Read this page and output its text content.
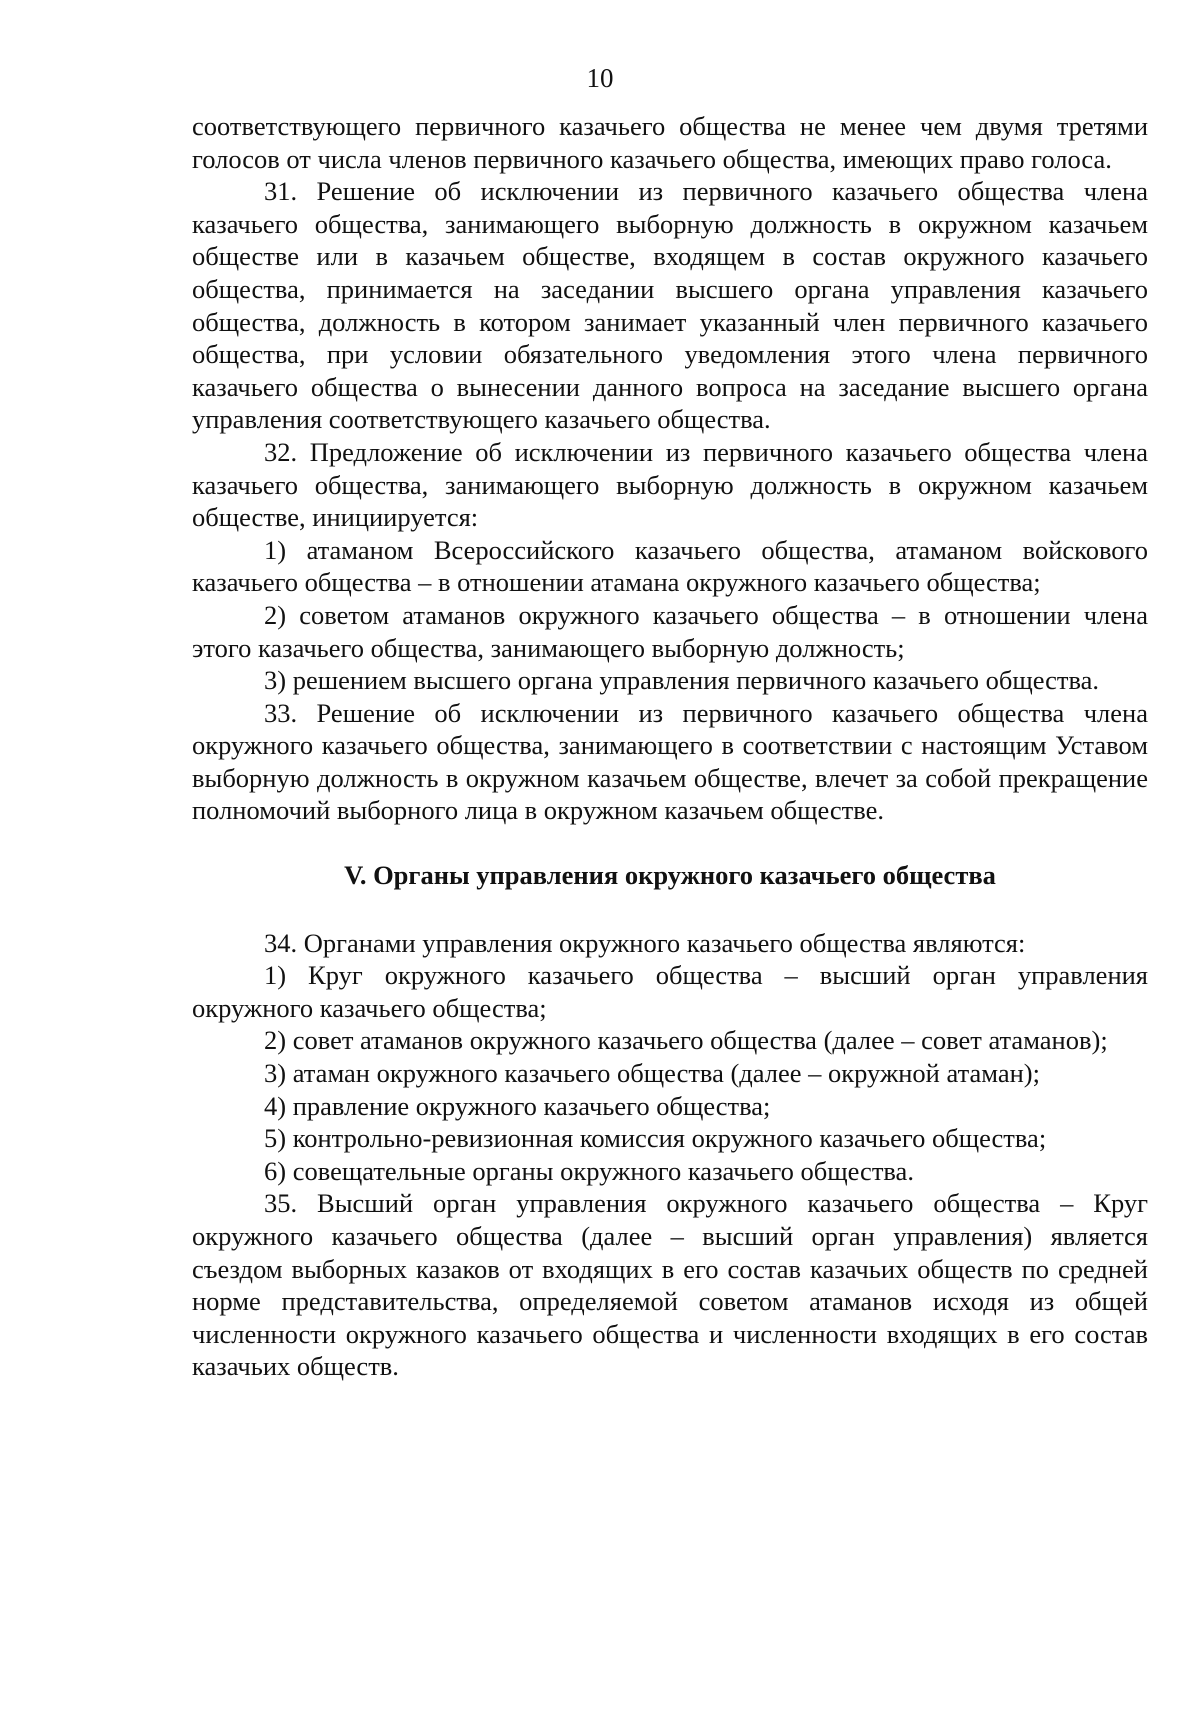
10

соответствующего первичного казачьего общества не менее чем двумя третями голосов от числа членов первичного казачьего общества, имеющих право голоса.

31. Решение об исключении из первичного казачьего общества члена казачьего общества, занимающего выборную должность в окружном казачьем обществе или в казачьем обществе, входящем в состав окружного казачьего общества, принимается на заседании высшего органа управления казачьего общества, должность в котором занимает указанный член первичного казачьего общества, при условии обязательного уведомления этого члена первичного казачьего общества о вынесении данного вопроса на заседание высшего органа управления соответствующего казачьего общества.

32. Предложение об исключении из первичного казачьего общества члена казачьего общества, занимающего выборную должность в окружном казачьем обществе, инициируется:

1) атаманом Всероссийского казачьего общества, атаманом войскового казачьего общества – в отношении атамана окружного казачьего общества;

2) советом атаманов окружного казачьего общества – в отношении члена этого казачьего общества, занимающего выборную должность;

3) решением высшего органа управления первичного казачьего общества.

33. Решение об исключении из первичного казачьего общества члена окружного казачьего общества, занимающего в соответствии с настоящим Уставом выборную должность в окружном казачьем обществе, влечет за собой прекращение полномочий выборного лица в окружном казачьем обществе.

V. Органы управления окружного казачьего общества

34. Органами управления окружного казачьего общества являются:

1) Круг окружного казачьего общества – высший орган управления окружного казачьего общества;

2) совет атаманов окружного казачьего общества (далее – совет атаманов);

3) атаман окружного казачьего общества (далее – окружной атаман);

4) правление окружного казачьего общества;

5) контрольно-ревизионная комиссия окружного казачьего общества;

6) совещательные органы окружного казачьего общества.

35. Высший орган управления окружного казачьего общества – Круг окружного казачьего общества (далее – высший орган управления) является съездом выборных казаков от входящих в его состав казачьих обществ по средней норме представительства, определяемой советом атаманов исходя из общей численности окружного казачьего общества и численности входящих в его состав казачьих обществ.
